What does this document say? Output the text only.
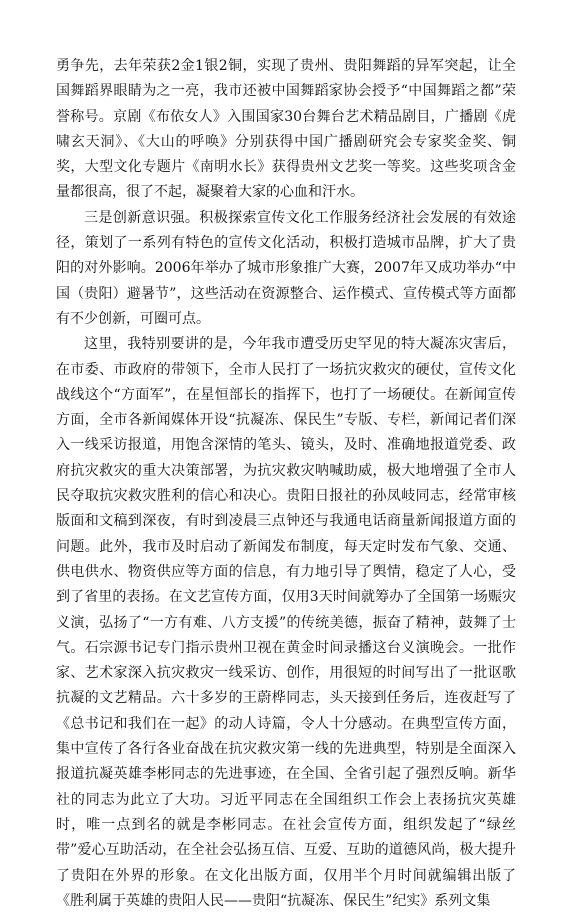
勇争先，去年荣获2金1银2铜，实现了贵州、贵阳舞蹈的异军突起，让全国舞蹈界眼睛为之一亮，我市还被中国舞蹈家协会授予“中国舞蹈之都”荣誉称号。京剧《布依女人》入围国家30台舞台艺术精品剧目，广播剧《虎啸玄天洞》、《大山的呼唤》分别获得中国广播剧研究会专家奖金奖、铜奖，大型文化专题片《南明水长》获得贵州文艺奖一等奖。这些奖项含金量都很高，很了不起，凝聚着大家的心血和汗水。

三是创新意识强。积极探索宣传文化工作服务经济社会发展的有效途径，策划了一系列有特色的宣传文化活动，积极打造城市品牌，扩大了贵阳的对外影响。2006年举办了城市形象推广大赛，2007年又成功举办“中国（贵阳）避暑节”，这些活动在资源整合、运作模式、宣传模式等方面都有不少创新，可圈可点。

这里，我特别要讲的是，今年我市遭受历史罕见的特大凝冻灾害后，在市委、市政府的带领下，全市人民打了一场抗灾救灾的硬仗，宣传文化战线这个“方面军”，在星恒部长的指挥下，也打了一场硬仗。在新闻宣传方面，全市各新闻媒体开设“抗凝冻、保民生”专版、专栏，新闻记者们深入一线采访报道，用饱含深情的笔头、镜头，及时、准确地报道党委、政府抗灾救灾的重大决策部署，为抗灾救灾呐喊助威，极大地增强了全市人民夺取抗灾救灾胜利的信心和决心。贵阳日报社的孙凤岐同志，经常审核版面和文稿到深夜，有时到凌晨三点钟还与我通电话商量新闻报道方面的问题。此外，我市及时启动了新闻发布制度，每天定时发布气象、交通、供电供水、物资供应等方面的信息，有力地引导了舆情，稳定了人心，受到了省里的表扬。在文艺宣传方面，仅用3天时间就筹办了全国第一场赈灾义演，弘扬了“一方有难、八方支援”的传统美德，振奋了精神，鼓舞了士气。石宗源书记专门指示贵州卫视在黄金时间录播这台义演晚会。一批作家、艺术家深入抗灾救灾一线采访、创作，用很短的时间写出了一批讴歌抗凝的文艺精品。六十多岁的王蔚桦同志，头天接到任务后，连夜赶写了《总书记和我们在一起》的动人诗篇，令人十分感动。在典型宣传方面，集中宣传了各行各业奋战在抗灾救灾第一线的先进典型，特别是全面深入报道抗凝英雄李彬同志的先进事迹，在全国、全省引起了强烈反响。新华社的同志为此立了大功。习近平同志在全国组织工作会上表扬抗灾英雄时，唯一点到名的就是李彬同志。在社会宣传方面，组织发起了“绿丝带”爱心互助活动，在全社会弘扬互信、互爱、互助的道德风尚，极大提升了贵阳在外界的形象。在文化出版方面，仅用半个月时间就编辑出版了《胜利属于英雄的贵阳人民——贵阳“抗凝冻、保民生”纪实》系列文集
